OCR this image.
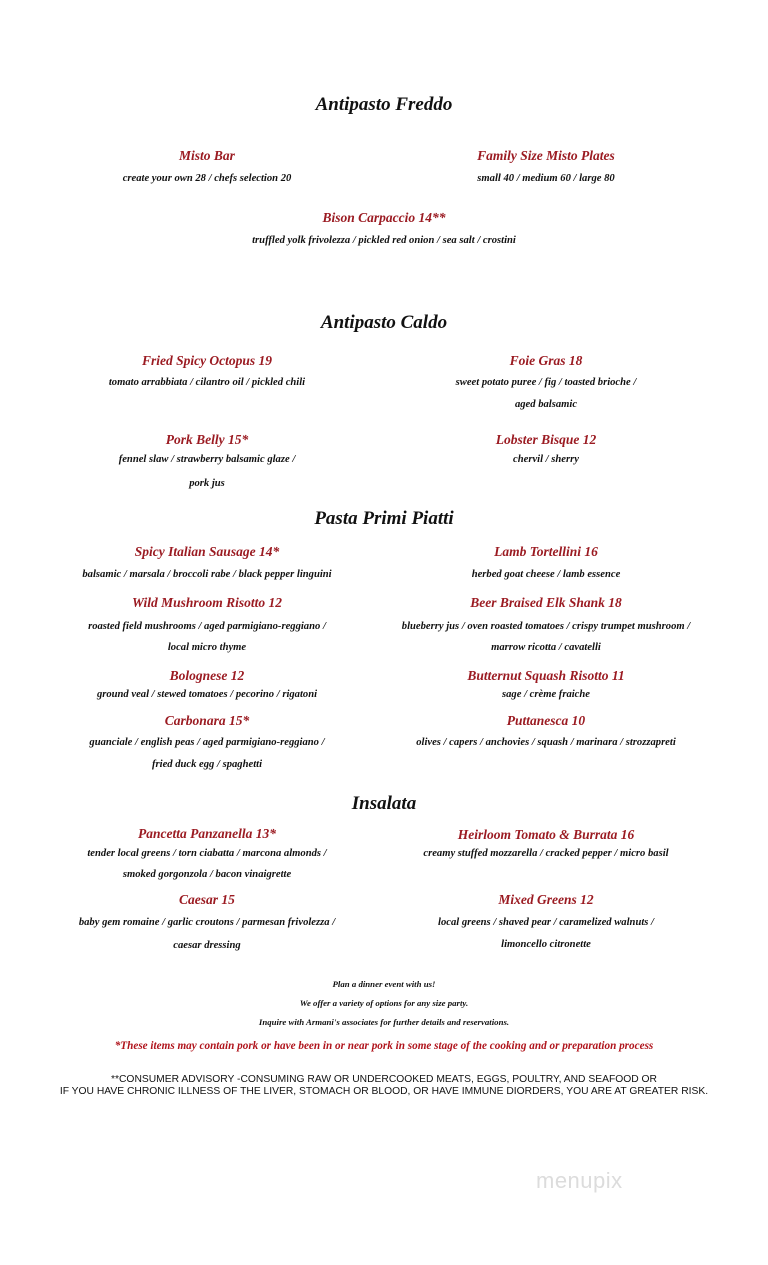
Antipasto Freddo
Misto Bar
create your own 28 / chefs selection 20
Family Size Misto Plates
small 40 / medium 60 / large 80
Bison Carpaccio 14**
truffled yolk frivolezza / pickled red onion / sea salt / crostini
Antipasto Caldo
Fried Spicy Octopus 19
tomato arrabbiata / cilantro oil / pickled chili
Foie Gras 18
sweet potato puree / fig / toasted brioche /
aged balsamic
Pork Belly 15*
fennel slaw / strawberry balsamic glaze /
pork jus
Lobster Bisque 12
chervil / sherry
Pasta Primi Piatti
Spicy Italian Sausage 14*
balsamic / marsala / broccoli rabe / black pepper linguini
Lamb Tortellini 16
herbed goat cheese / lamb essence
Wild Mushroom Risotto 12
roasted field mushrooms / aged parmigiano-reggiano /
local micro thyme
Beer Braised Elk Shank 18
blueberry jus / oven roasted tomatoes / crispy trumpet mushroom /
marrow ricotta / cavatelli
Bolognese 12
ground veal / stewed tomatoes / pecorino / rigatoni
Butternut Squash Risotto 11
sage / crème fraiche
Carbonara 15*
guanciale / english peas / aged parmigiano-reggiano /
fried duck egg / spaghetti
Puttanesca 10
olives / capers / anchovies / squash / marinara / strozzapreti
Insalata
Pancetta Panzanella 13*
tender local greens / torn ciabatta / marcona almonds /
smoked gorgonzola / bacon vinaigrette
Heirloom Tomato & Burrata 16
creamy stuffed mozzarella / cracked pepper / micro basil
Caesar 15
baby gem romaine / garlic croutons / parmesan frivolezza /
caesar dressing
Mixed Greens 12
local greens / shaved pear / caramelized walnuts /
limoncello citronette
Plan a dinner event with us!
We offer a variety of options for any size party.
Inquire with Armani's associates for further details and reservations.
*These items may contain pork or have been in or near pork in some stage of the cooking and or preparation process
**CONSUMER ADVISORY -CONSUMING RAW OR UNDERCOOKED MEATS, EGGS, POULTRY, AND SEAFOOD OR
IF YOU HAVE CHRONIC ILLNESS OF THE LIVER, STOMACH OR BLOOD, OR HAVE IMMUNE DIORDERS, YOU ARE AT GREATER RISK.
menupix
